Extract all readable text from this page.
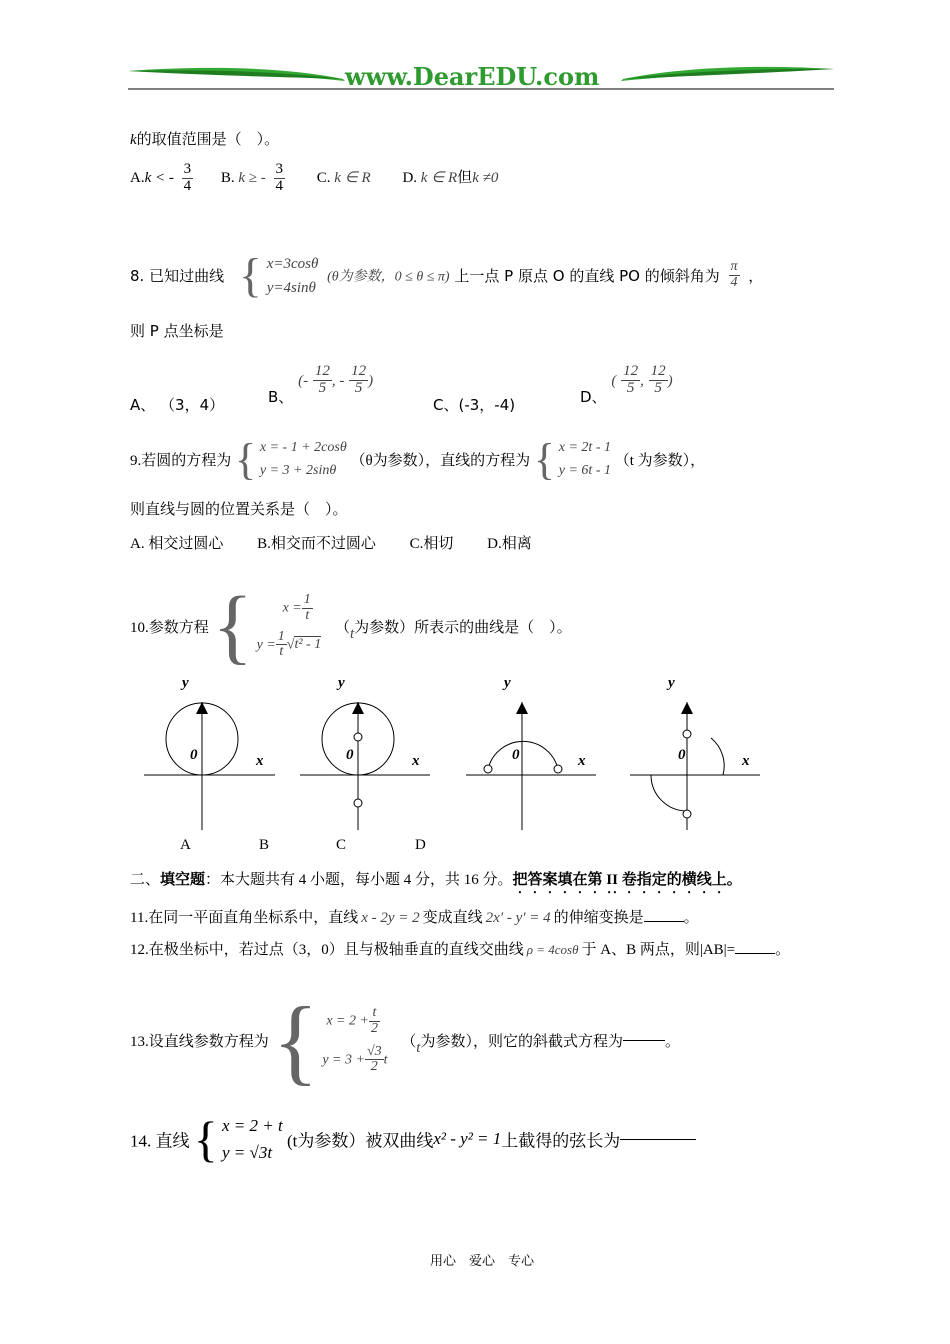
www.DearEDU.com
k的取值范围是（　）。
A.k < - $\frac{3}{4} B$. k ≥ - $\frac{3}{4} C$. k ∈ R D. k ∈ R但k ≠0
8. 已知过曲线 { x=3cosθ
y=4sinθ
(θ为参数，0 ≤ θ ≤ π) 上一点 P 原点 O 的直线 PO 的倾斜角为 $\frac{\pi}{4}$ ，
则 P 点坐标是
A、 （3，4）	B、 (- $\frac{12}{5}$ , - $\frac{12}{5}$ )
C、(-3，-4)	D、 ( $\frac{12}{5}$ , $\frac{12}{5}$ )
9.若圆的方程为 { x = - 1 + 2cosθ
y = 3 + 2sinθ
（θ为参数），直线的方程为 { x = 2t - 1
y = 6t - 1
（t 为参数），
则直线与圆的位置关系是（　）。
A. 相交过圆心 B.相交而不过圆心 C.相切 D.相离
10.参数方程 { $x = \frac{1}{t}$
$y = \frac{1}{t} √t^2 - 1$
（t为参数）所表示的曲线是（　）。
y
x
0
y
x
0
y
x
0
y
x
0
A	B	C	D
二、填空题：本大题共有 4 小题，每小题 4 分，共 16 分。把答案填在第 II 卷指定的横线上。
11.在同一平面直角坐标系中，直线 x - 2y = 2 变成直线 2x′ - y′ = 4 的伸缩变换是	。
12.在极坐标中，若过点（3，0）且与极轴垂直的直线交曲线 ρ = 4cosθ 于 A、B 两点，则|AB|=	。
13.设直线参数方程为 { $x = 2 + \frac{t}{2}$
$y = 3 + \frac{√3}{2}$ t
（t为参数），则它的斜截式方程为	。
14. 直线 { x = 2 + t
y = √3t
(t为参数）被双曲线x² - y² = 1上截得的弦长为
用心　爱心　专心
